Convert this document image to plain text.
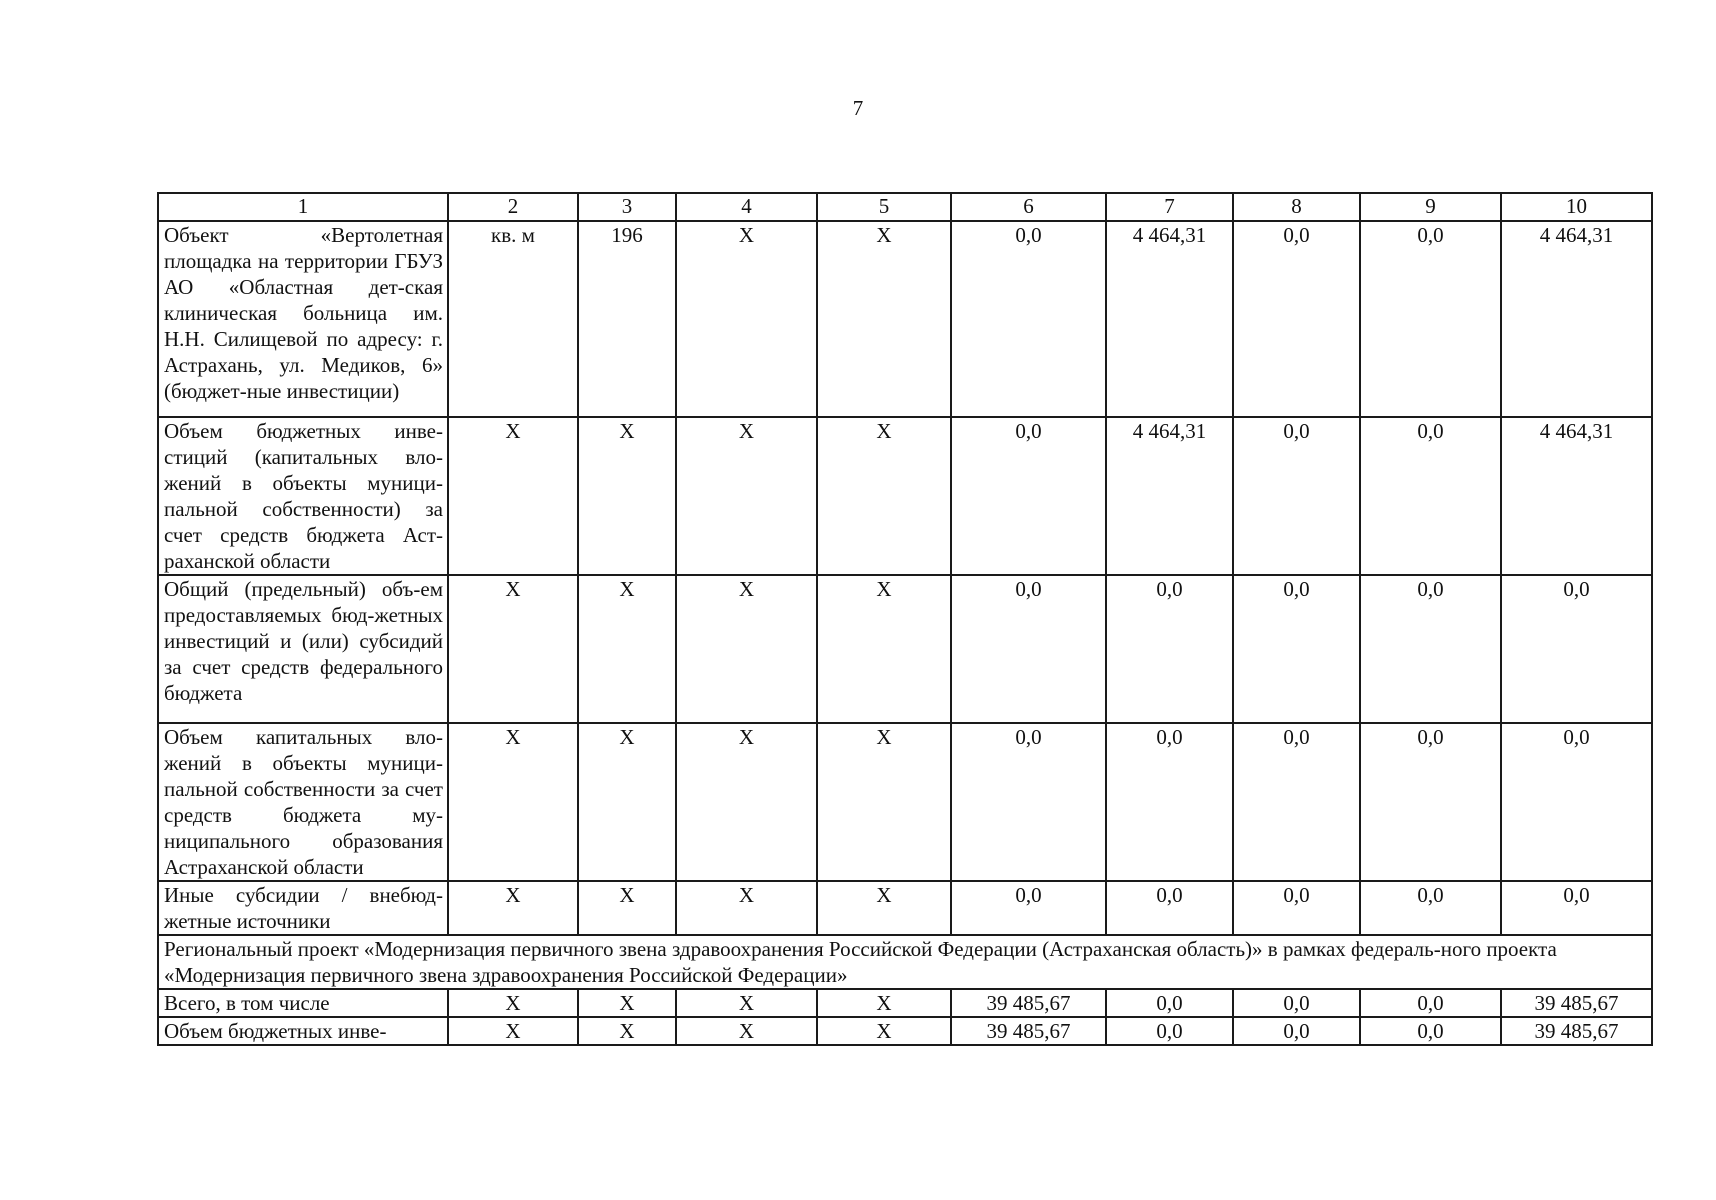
7
1	2	3	4	5	6	7	8	9	10
Объект «Вертолетная площадка на территории ГБУЗ АО «Областная дет-ская клиническая больница им. Н.Н. Силищевой по адресу: г. Астрахань, ул. Медиков, 6» (бюджет-ные инвестиции)	кв. м	196	X	X	0,0	4 464,31	0,0	0,0	4 464,31
Объем бюджетных инве-стиций (капитальных вло-жений в объекты муници-пальной собственности) за счет средств бюджета Аст-раханской области	X	X	X	X	0,0	4 464,31	0,0	0,0	4 464,31
Общий (предельный) объ-ем предоставляемых бюд-жетных инвестиций и (или) субсидий за счет средств федерального бюджета	X	X	X	X	0,0	0,0	0,0	0,0	0,0
Объем капитальных вло-жений в объекты муници-пальной собственности за счет средств бюджета му-ниципального образования Астраханской области	X	X	X	X	0,0	0,0	0,0	0,0	0,0
Иные субсидии / внебюд-жетные источники	X	X	X	X	0,0	0,0	0,0	0,0	0,0
Региональный проект «Модернизация первичного звена здравоохранения Российской Федерации (Астраханская область)» в рамках федераль-ного проекта «Модернизация первичного звена здравоохранения Российской Федерации»									
Всего, в том числе	X	X	X	X	39 485,67	0,0	0,0	0,0	39 485,67
Объем бюджетных инве-	X	X	X	X	39 485,67	0,0	0,0	0,0	39 485,67
